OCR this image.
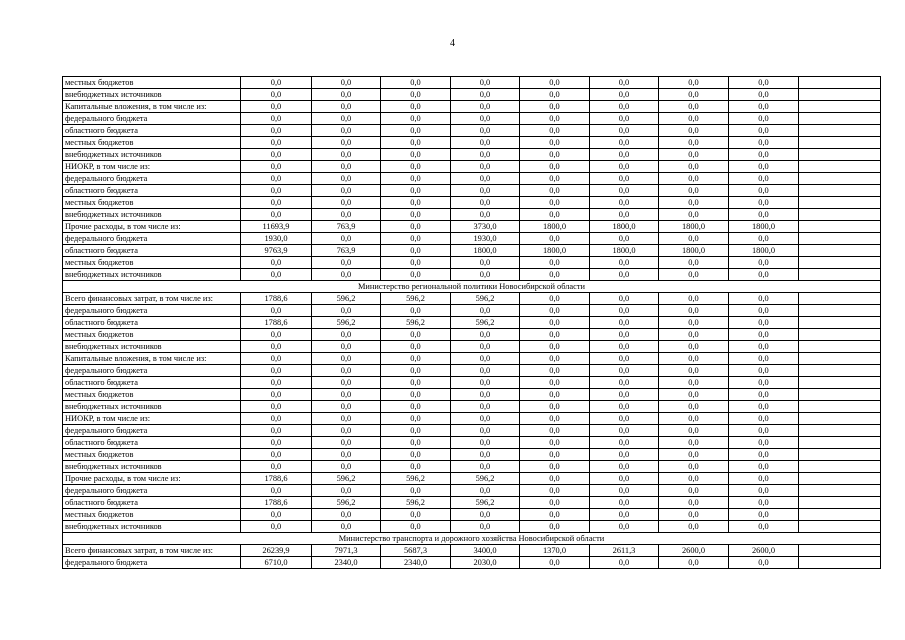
4
местных бюджетов	0,0	0,0	0,0	0,0	0,0	0,0	0,0	0,0	
внебюджетных источников	0,0	0,0	0,0	0,0	0,0	0,0	0,0	0,0	
Капитальные вложения, в том числе из:	0,0	0,0	0,0	0,0	0,0	0,0	0,0	0,0	
федерального бюджета	0,0	0,0	0,0	0,0	0,0	0,0	0,0	0,0	
областного бюджета	0,0	0,0	0,0	0,0	0,0	0,0	0,0	0,0	
местных бюджетов	0,0	0,0	0,0	0,0	0,0	0,0	0,0	0,0	
внебюджетных источников	0,0	0,0	0,0	0,0	0,0	0,0	0,0	0,0	
НИОКР, в том числе из:	0,0	0,0	0,0	0,0	0,0	0,0	0,0	0,0	
федерального бюджета	0,0	0,0	0,0	0,0	0,0	0,0	0,0	0,0	
областного бюджета	0,0	0,0	0,0	0,0	0,0	0,0	0,0	0,0	
местных бюджетов	0,0	0,0	0,0	0,0	0,0	0,0	0,0	0,0	
внебюджетных источников	0,0	0,0	0,0	0,0	0,0	0,0	0,0	0,0	
Прочие расходы, в том числе из:	11693,9	763,9	0,0	3730,0	1800,0	1800,0	1800,0	1800,0	
федерального бюджета	1930,0	0,0	0,0	1930,0	0,0	0,0	0,0	0,0	
областного бюджета	9763,9	763,9	0,0	1800,0	1800,0	1800,0	1800,0	1800,0	
местных бюджетов	0,0	0,0	0,0	0,0	0,0	0,0	0,0	0,0	
внебюджетных источников	0,0	0,0	0,0	0,0	0,0	0,0	0,0	0,0	
Министерство региональной политики Новосибирской области									
Всего финансовых затрат, в том числе из:	1788,6	596,2	596,2	596,2	0,0	0,0	0,0	0,0	
федерального бюджета	0,0	0,0	0,0	0,0	0,0	0,0	0,0	0,0	
областного бюджета	1788,6	596,2	596,2	596,2	0,0	0,0	0,0	0,0	
местных бюджетов	0,0	0,0	0,0	0,0	0,0	0,0	0,0	0,0	
внебюджетных источников	0,0	0,0	0,0	0,0	0,0	0,0	0,0	0,0	
Капитальные вложения, в том числе из:	0,0	0,0	0,0	0,0	0,0	0,0	0,0	0,0	
федерального бюджета	0,0	0,0	0,0	0,0	0,0	0,0	0,0	0,0	
областного бюджета	0,0	0,0	0,0	0,0	0,0	0,0	0,0	0,0	
местных бюджетов	0,0	0,0	0,0	0,0	0,0	0,0	0,0	0,0	
внебюджетных источников	0,0	0,0	0,0	0,0	0,0	0,0	0,0	0,0	
НИОКР, в том числе из:	0,0	0,0	0,0	0,0	0,0	0,0	0,0	0,0	
федерального бюджета	0,0	0,0	0,0	0,0	0,0	0,0	0,0	0,0	
областного бюджета	0,0	0,0	0,0	0,0	0,0	0,0	0,0	0,0	
местных бюджетов	0,0	0,0	0,0	0,0	0,0	0,0	0,0	0,0	
внебюджетных источников	0,0	0,0	0,0	0,0	0,0	0,0	0,0	0,0	
Прочие расходы, в том числе из:	1788,6	596,2	596,2	596,2	0,0	0,0	0,0	0,0	
федерального бюджета	0,0	0,0	0,0	0,0	0,0	0,0	0,0	0,0	
областного бюджета	1788,6	596,2	596,2	596,2	0,0	0,0	0,0	0,0	
местных бюджетов	0,0	0,0	0,0	0,0	0,0	0,0	0,0	0,0	
внебюджетных источников	0,0	0,0	0,0	0,0	0,0	0,0	0,0	0,0	
Министерство транспорта и дорожного хозяйства Новосибирской области									
Всего финансовых затрат, в том числе из:	26239,9	7971,3	5687,3	3400,0	1370,0	2611,3	2600,0	2600,0	
федерального бюджета	6710,0	2340,0	2340,0	2030,0	0,0	0,0	0,0	0,0	
